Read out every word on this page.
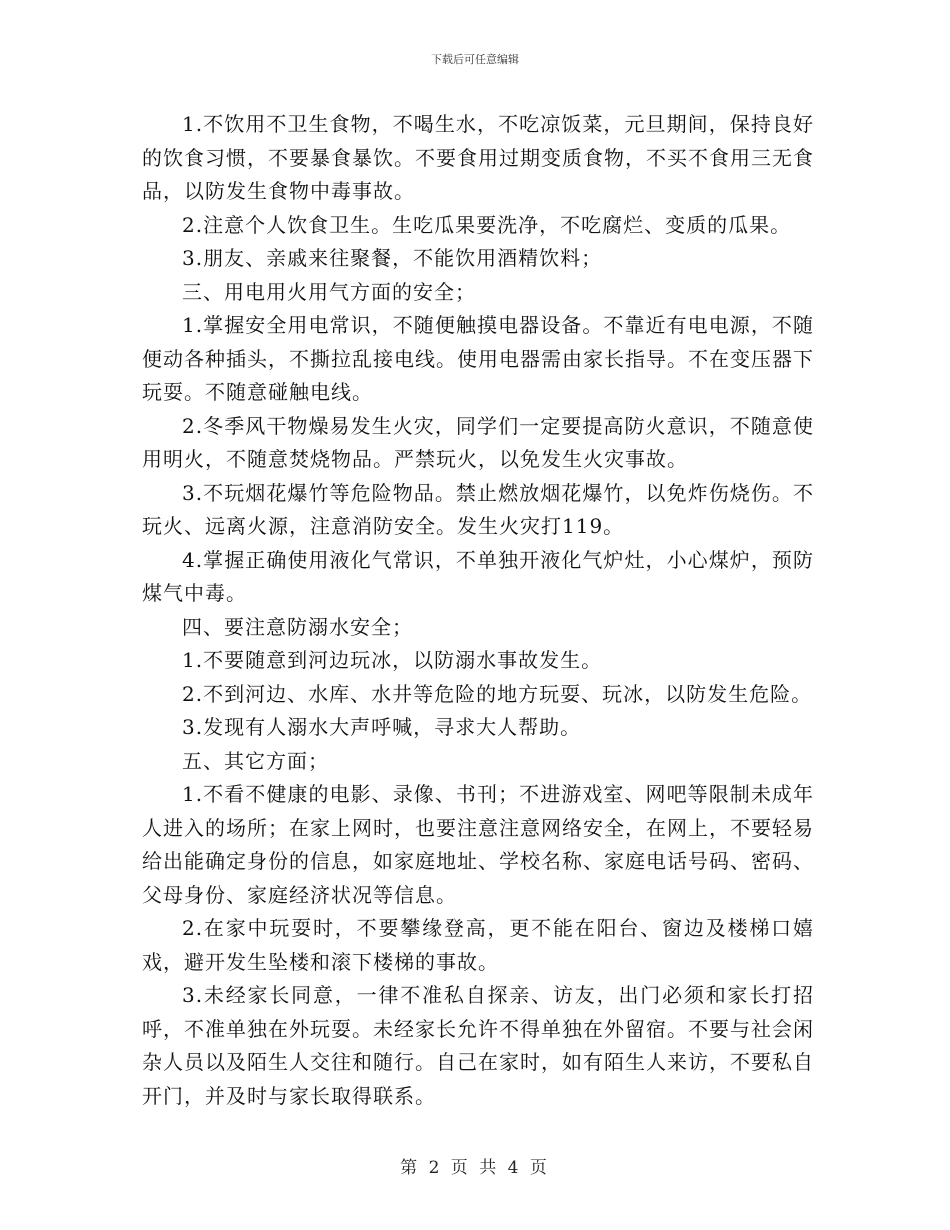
下载后可任意编辑

1.不饮用不卫生食物，不喝生水，不吃凉饭菜，元旦期间，保持良好的饮食习惯，不要暴食暴饮。不要食用过期变质食物，不买不食用三无食品，以防发生食物中毒事故。

2.注意个人饮食卫生。生吃瓜果要洗净，不吃腐烂、变质的瓜果。

3.朋友、亲戚来往聚餐，不能饮用酒精饮料；

三、用电用火用气方面的安全；

1.掌握安全用电常识，不随便触摸电器设备。不靠近有电电源，不随便动各种插头，不撕拉乱接电线。使用电器需由家长指导。不在变压器下玩耍。不随意碰触电线。

2.冬季风干物燥易发生火灾，同学们一定要提高防火意识，不随意使用明火，不随意焚烧物品。严禁玩火，以免发生火灾事故。

3.不玩烟花爆竹等危险物品。禁止燃放烟花爆竹，以免炸伤烧伤。不玩火、远离火源，注意消防安全。发生火灾打119。

4.掌握正确使用液化气常识，不单独开液化气炉灶，小心煤炉，预防煤气中毒。

四、要注意防溺水安全；

1.不要随意到河边玩冰，以防溺水事故发生。

2.不到河边、水库、水井等危险的地方玩耍、玩冰，以防发生危险。

3.发现有人溺水大声呼喊，寻求大人帮助。

五、其它方面；

1.不看不健康的电影、录像、书刊；不进游戏室、网吧等限制未成年人进入的场所；在家上网时，也要注意注意网络安全，在网上，不要轻易给出能确定身份的信息，如家庭地址、学校名称、家庭电话号码、密码、父母身份、家庭经济状况等信息。

2.在家中玩耍时，不要攀缘登高，更不能在阳台、窗边及楼梯口嬉戏，避开发生坠楼和滚下楼梯的事故。

3.未经家长同意，一律不准私自探亲、访友，出门必须和家长打招呼，不准单独在外玩耍。未经家长允许不得单独在外留宿。不要与社会闲杂人员以及陌生人交往和随行。自己在家时，如有陌生人来访，不要私自开门，并及时与家长取得联系。

第 2 页 共 4 页
